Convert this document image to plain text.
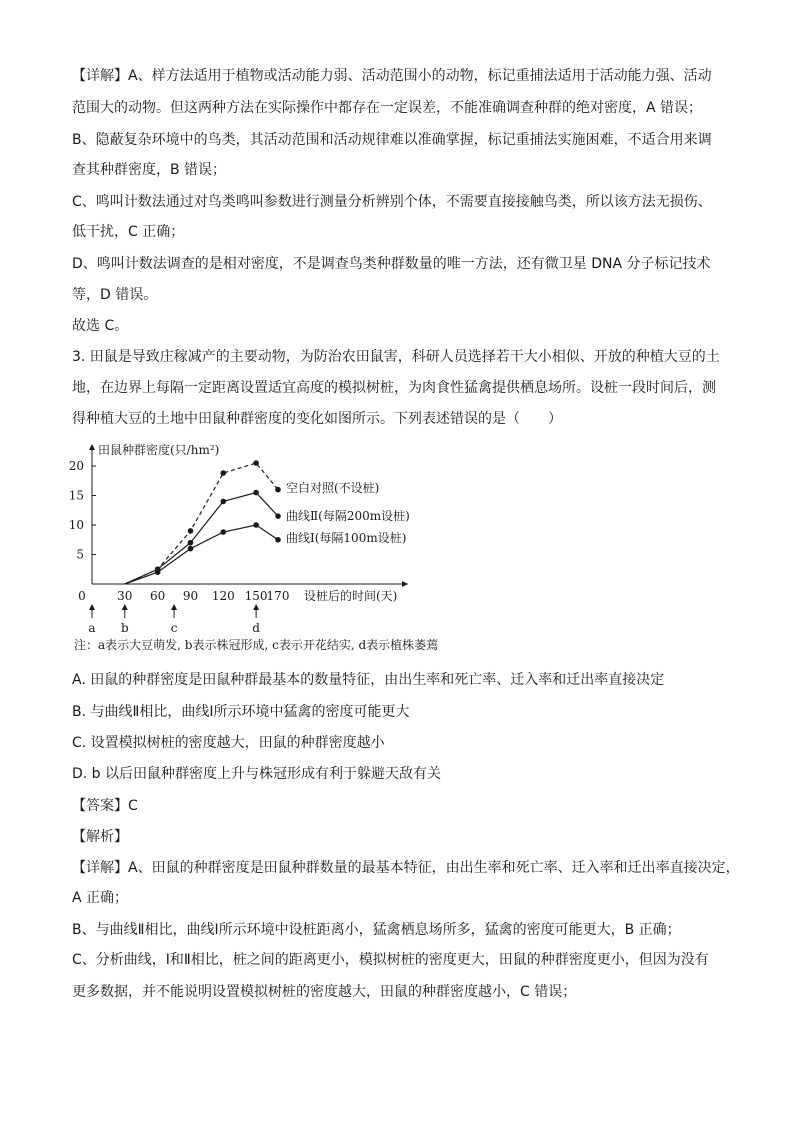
【详解】A、样方法适用于植物或活动能力弱、活动范围小的动物，标记重捕法适用于活动能力强、活动
范围大的动物。但这两种方法在实际操作中都存在一定误差，不能准确调查种群的绝对密度，A 错误；
B、隐蔽复杂环境中的鸟类，其活动范围和活动规律难以准确掌握，标记重捕法实施困难，不适合用来调
查其种群密度，B 错误；
C、鸣叫计数法通过对鸟类鸣叫参数进行测量分析辨别个体，不需要直接接触鸟类，所以该方法无损伤、
低干扰，C 正确；
D、鸣叫计数法调查的是相对密度，不是调查鸟类种群数量的唯一方法，还有微卫星 DNA 分子标记技术
等，D 错误。
故选 C。
3. 田鼠是导致庄稼减产的主要动物，为防治农田鼠害，科研人员选择若干大小相似、开放的种植大豆的土
地，在边界上每隔一定距离设置适宜高度的模拟树桩，为肉食性猛禽提供栖息场所。设桩一段时间后，测
得种植大豆的土地中田鼠种群密度的变化如图所示。下列表述错误的是（　　）
田鼠种群密度(只/hm²)
设桩后的时间(天)
0	30 60 90 120 150
170
5
10
15
20
空白对照(不设桩)
曲线Ⅱ(每隔200m设桩)
曲线Ⅰ(每隔100m设桩)
a b	c	d
注：a表示大豆萌发, b表示株冠形成, c表示开花结实, d表示植株萎蔫
A. 田鼠的种群密度是田鼠种群最基本的数量特征，由出生率和死亡率、迁入率和迁出率直接决定
B. 与曲线Ⅱ相比，曲线Ⅰ所示环境中猛禽的密度可能更大
C. 设置模拟树桩的密度越大，田鼠的种群密度越小
D. b 以后田鼠种群密度上升与株冠形成有利于躲避天敌有关
【答案】C
【解析】
【详解】A、田鼠的种群密度是田鼠种群数量的最基本特征，由出生率和死亡率、迁入率和迁出率直接决定，
A 正确；
B、与曲线Ⅱ相比，曲线Ⅰ所示环境中设桩距离小，猛禽栖息场所多，猛禽的密度可能更大，B 正确；
C、分析曲线，Ⅰ和Ⅱ相比，桩之间的距离更小，模拟树桩的密度更大，田鼠的种群密度更小，但因为没有
更多数据，并不能说明设置模拟树桩的密度越大，田鼠的种群密度越小，C 错误；
